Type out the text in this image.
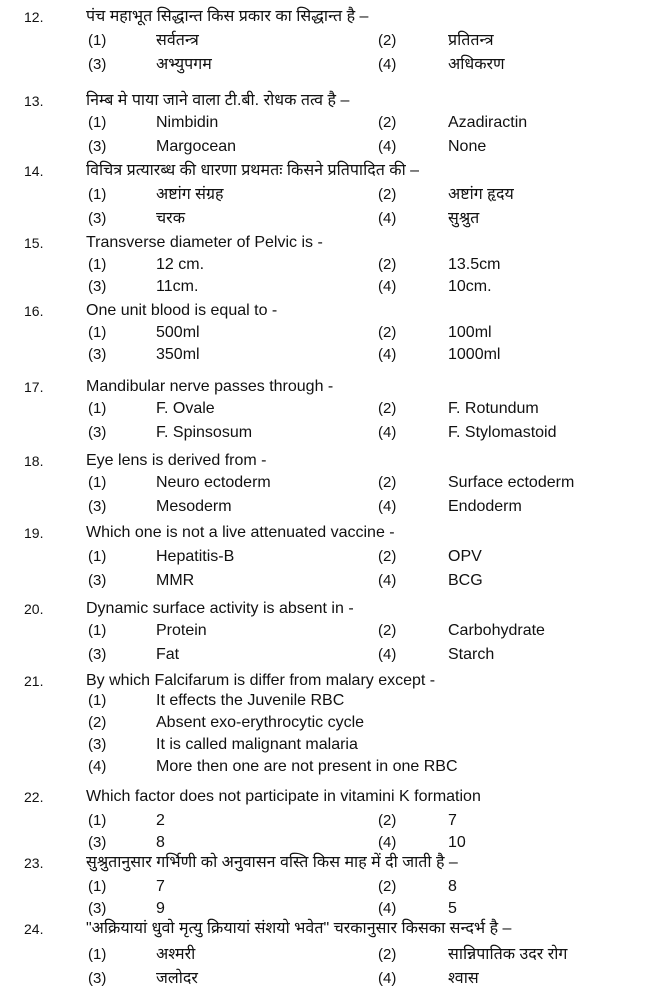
12.	पंच महाभूत सिद्धान्त किस प्रकार का सिद्धान्त है –
(1)	सर्वतन्त्र	(2)	प्रतितन्त्र
(3)	अभ्युपगम	(4)	अधिकरण
13.	निम्ब मे पाया जाने वाला टी.बी. रोधक तत्व है –
(1)	Nimbidin	(2)	Azadiractin
(3)	Margocean	(4)	None
14.	विचित्र प्रत्यारब्ध की धारणा प्रथमतः किसने प्रतिपादित की –
(1)	अष्टांग संग्रह	(2)	अष्टांग हृदय
(3)	चरक	(4)	सुश्रुत
15.	Transverse diameter of Pelvic is -
(1)	12 cm.	(2)	13.5cm
(3)	11cm.	(4)	10cm.
16.	One unit blood is equal to -
(1)	500ml	(2)	100ml
(3)	350ml	(4)	1000ml
17.	Mandibular nerve passes through -
(1)	F. Ovale	(2)	F. Rotundum
(3)	F. Spinsosum	(4)	F. Stylomastoid
18.	Eye lens is derived from -
(1)	Neuro ectoderm	(2)	Surface ectoderm
(3)	Mesoderm	(4)	Endoderm
19.	Which one is not a live attenuated vaccine -
(1)	Hepatitis-B	(2)	OPV
(3)	MMR	(4)	BCG
20.	Dynamic surface activity is absent in -
(1)	Protein	(2)	Carbohydrate
(3)	Fat	(4)	Starch
21.	By which Falcifarum is differ from malary except -
(1)	It effects the Juvenile RBC
(2)	Absent exo-erythrocytic cycle
(3)	It is called malignant malaria
(4)	More then one are not present in one RBC
22.	Which factor does not participate in vitamini K formation
(1)	2	(2)	7
(3)	8	(4)	10
23.	सुश्रुतानुसार गर्भिणी को अनुवासन वस्ति किस माह में दी जाती है –
(1)	7	(2)	8
(3)	9	(4)	5
24.	"अक्रियायां धुवो मृत्यु क्रियायां संशयो भवेत" चरकानुसार किसका सन्दर्भ है –
(1)	अश्मरी	(2)	सान्निपातिक उदर रोग
(3)	जलोदर	(4)	श्वास
